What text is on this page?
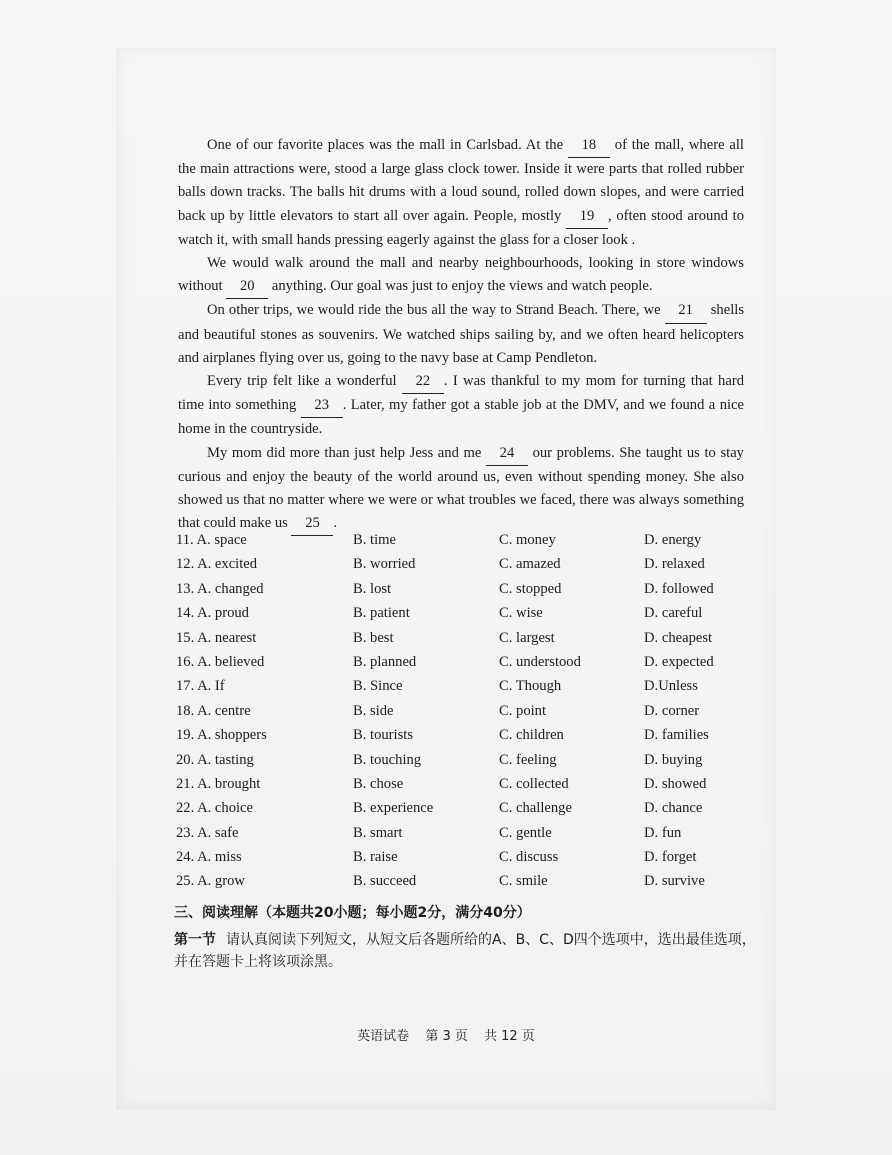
One of our favorite places was the mall in Carlsbad. At the 18 of the mall, where all the main attractions were, stood a large glass clock tower. Inside it were parts that rolled rubber balls down tracks. The balls hit drums with a loud sound, rolled down slopes, and were carried back up by little elevators to start all over again. People, mostly 19 , often stood around to watch it, with small hands pressing eagerly against the glass for a closer look .

We would walk around the mall and nearby neighbourhoods, looking in store windows without 20 anything. Our goal was just to enjoy the views and watch people.

On other trips, we would ride the bus all the way to Strand Beach. There, we 21 shells and beautiful stones as souvenirs. We watched ships sailing by, and we often heard helicopters and airplanes flying over us, going to the navy base at Camp Pendleton.

Every trip felt like a wonderful 22 . I was thankful to my mom for turning that hard time into something 23 . Later, my father got a stable job at the DMV, and we found a nice home in the countryside.

My mom did more than just help Jess and me 24 our problems. She taught us to stay curious and enjoy the beauty of the world around us, even without spending money. She also showed us that no matter where we were or what troubles we faced, there was always something that could make us 25 .

11. A. space	B. time	C. money	D. energy
12. A. excited	B. worried	C. amazed	D. relaxed
13. A. changed	B. lost	C. stopped	D. followed
14. A. proud	B. patient	C. wise	D. careful
15. A. nearest	B. best	C. largest	D. cheapest
16. A. believed	B. planned	C. understood	D. expected
17. A. If	B. Since	C. Though	D.Unless
18. A. centre	B. side	C. point	D. corner
19. A. shoppers	B. tourists	C. children	D. families
20. A. tasting	B. touching	C. feeling	D. buying
21. A. brought	B. chose	C. collected	D. showed
22. A. choice	B. experience	C. challenge	D. chance
23. A. safe	B. smart	C. gentle	D. fun
24. A. miss	B. raise	C. discuss	D. forget
25. A. grow	B. succeed	C. smile	D. survive
三、阅读理解（本题共20小题；每小题2分，满分40分）
第一节 请认真阅读下列短文，从短文后各题所给的A、B、C、D四个选项中，选出最佳选项，并在答题卡上将该项涂黑。
英语试卷 第 3 页 共 12 页
